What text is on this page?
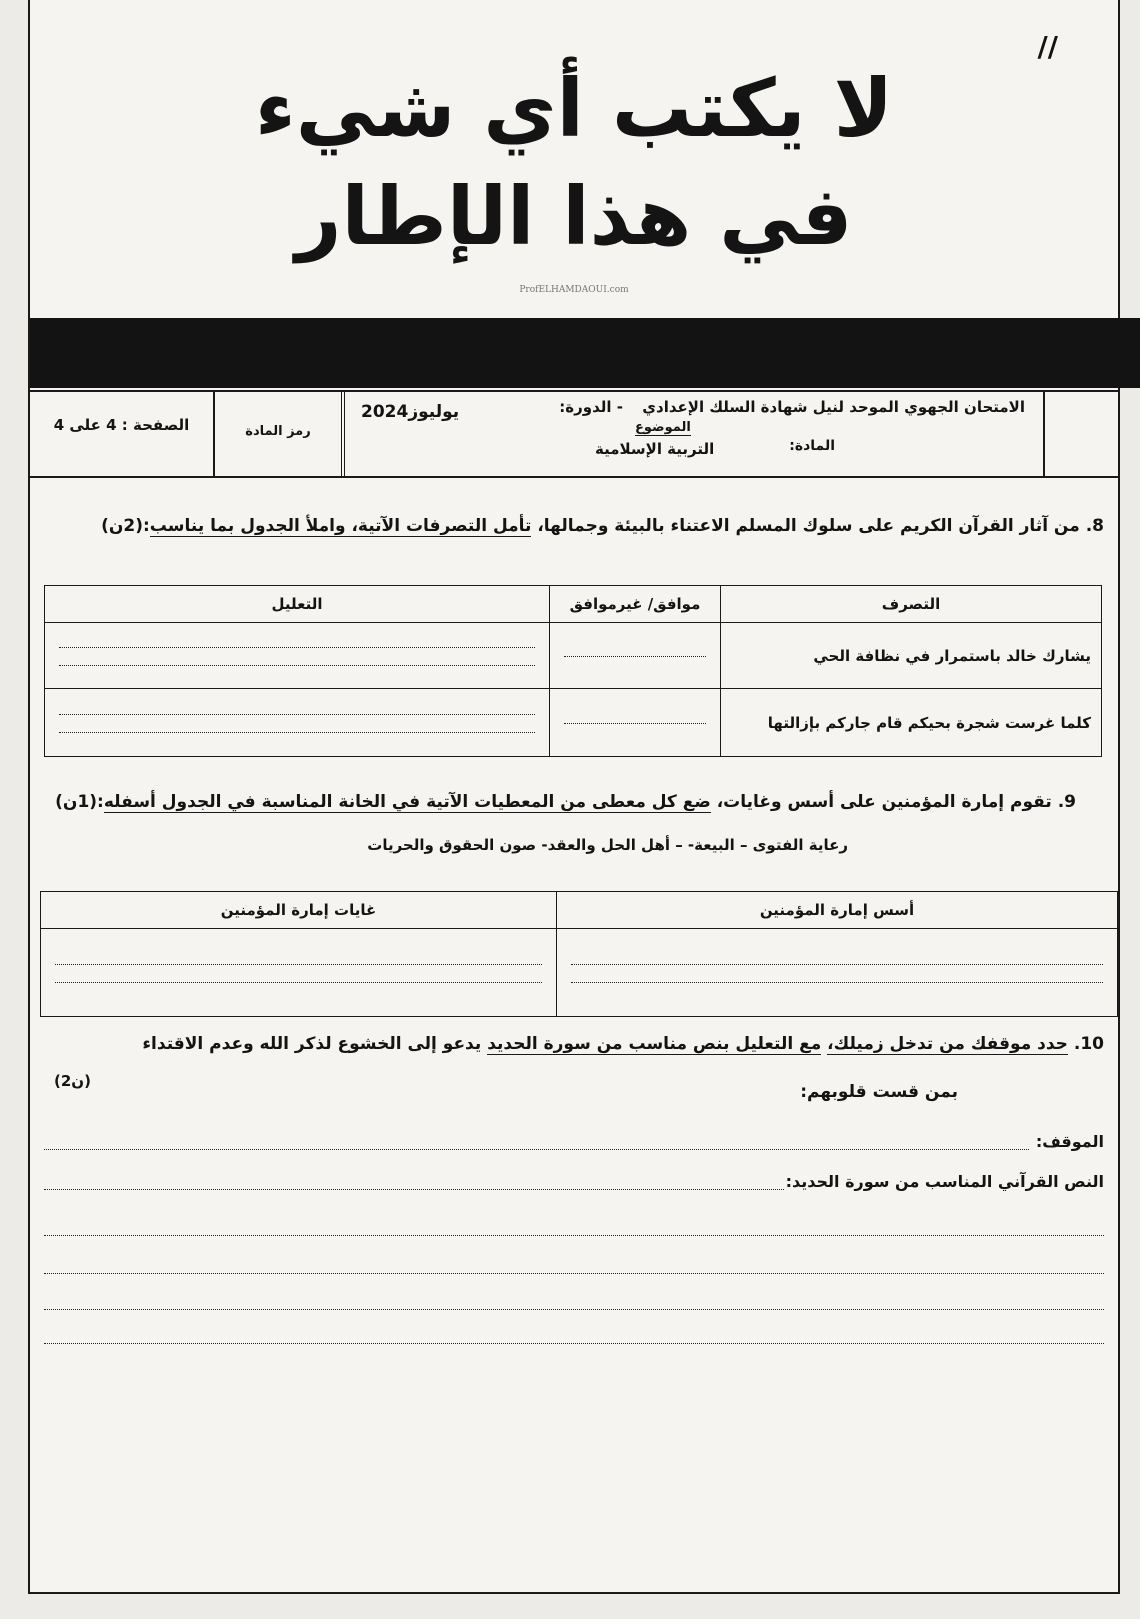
//
لا يكتب أي شيء
في هذا الإطار
ProfELHAMDAOUI.com
الامتحان الجهوي الموحد لنيل شهادة السلك الإعدادي
- الدورة:
يوليوز2024
الموضوع
المادة:
التربية الإسلامية
رمز المادة
الصفحة : 4 على 4
8. من آثار القرآن الكريم على سلوك المسلم الاعتناء بالبيئة وجمالها، تأمل التصرفات الآتية، واملأ الجدول بما يناسب:(2ن)
التصرف	موافق/ غيرموافق	التعليل
يشارك خالد باستمرار في نظافة الحي	

كلما غرست شجرة بحيكم قام جاركم بإزالتها	

9. تقوم إمارة المؤمنين على أسس وغايات، ضع كل معطى من المعطيات الآتية في الخانة المناسبة في الجدول أسفله:(1ن)
رعاية الفتوى – البيعة- – أهل الحل والعقد- صون الحقوق والحريات
أسس إمارة المؤمنين	غايات إمارة المؤمنين

10. حدد موقفك من تدخل زميلك، مع التعليل بنص مناسب من سورة الحديد يدعو إلى الخشوع لذكر الله وعدم الاقتداء
بمن قست قلوبهم:
(2ن)
الموقف:
النص القرآني المناسب من سورة الحديد:
